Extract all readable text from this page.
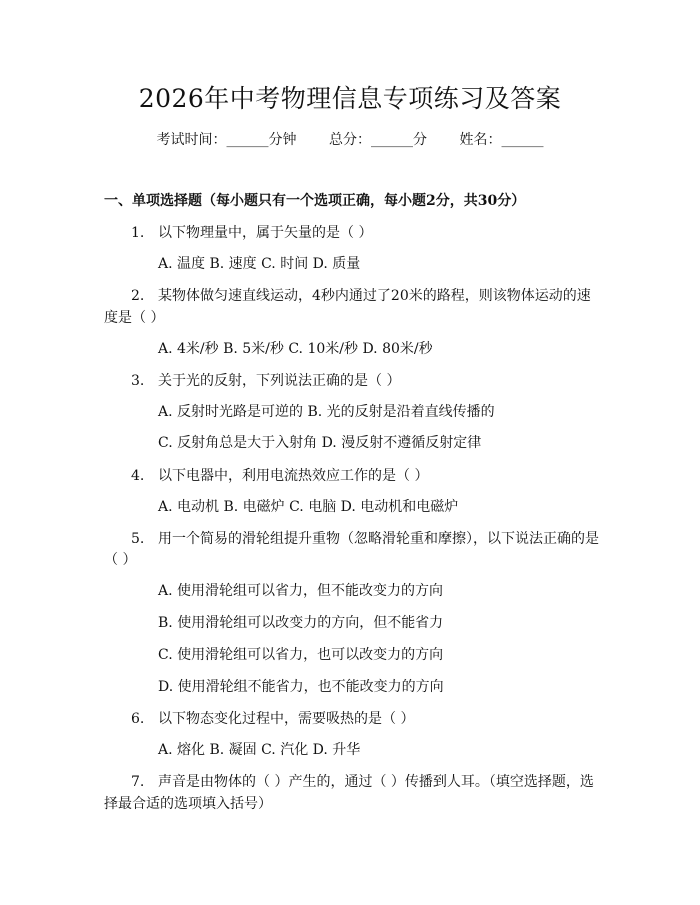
2026年中考物理信息专项练习及答案
考试时间：______分钟 总分：______分 姓名：______
一、单项选择题（每小题只有一个选项正确，每小题2分，共30分）
1. 以下物理量中，属于矢量的是（ ）
A. 温度 B. 速度 C. 时间 D. 质量
2. 某物体做匀速直线运动，4秒内通过了20米的路程，则该物体运动的速
度是（ ）
A. 4米/秒 B. 5米/秒 C. 10米/秒 D. 80米/秒
3. 关于光的反射，下列说法正确的是（ ）
A. 反射时光路是可逆的 B. 光的反射是沿着直线传播的
C. 反射角总是大于入射角 D. 漫反射不遵循反射定律
4. 以下电器中，利用电流热效应工作的是（ ）
A. 电动机 B. 电磁炉 C. 电脑 D. 电动机和电磁炉
5. 用一个简易的滑轮组提升重物（忽略滑轮重和摩擦），以下说法正确的是
（ ）
A. 使用滑轮组可以省力，但不能改变力的方向
B. 使用滑轮组可以改变力的方向，但不能省力
C. 使用滑轮组可以省力，也可以改变力的方向
D. 使用滑轮组不能省力，也不能改变力的方向
6. 以下物态变化过程中，需要吸热的是（ ）
A. 熔化 B. 凝固 C. 汽化 D. 升华
7. 声音是由物体的（ ）产生的，通过（ ）传播到人耳。（填空选择题，选
择最合适的选项填入括号）
